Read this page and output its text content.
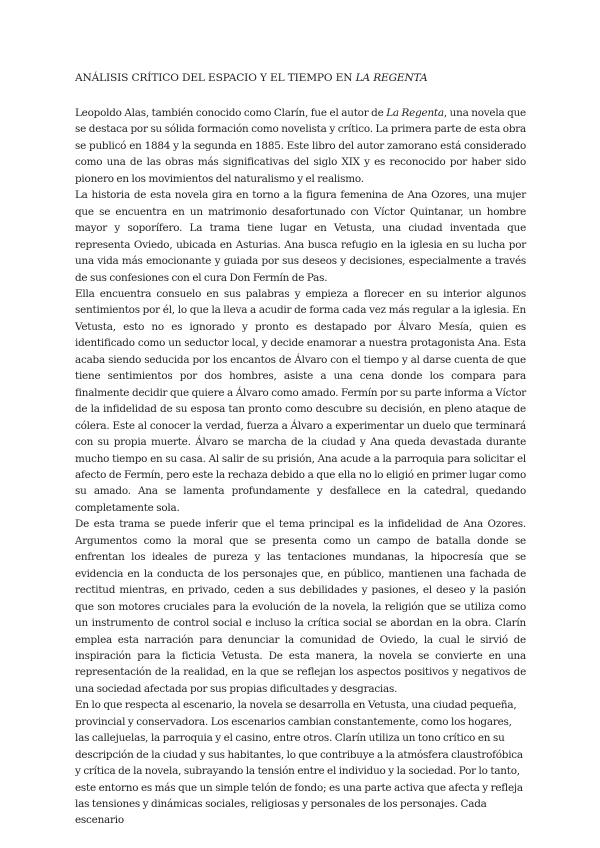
ANÁLISIS CRÍTICO DEL ESPACIO Y EL TIEMPO EN LA REGENTA

Leopoldo Alas, también conocido como Clarín, fue el autor de La Regenta, una novela que se destaca por su sólida formación como novelista y crítico. La primera parte de esta obra se publicó en 1884 y la segunda en 1885. Este libro del autor zamorano está considerado como una de las obras más significativas del siglo XIX y es reconocido por haber sido pionero en los movimientos del naturalismo y el realismo.

La historia de esta novela gira en torno a la figura femenina de Ana Ozores, una mujer que se encuentra en un matrimonio desafortunado con Víctor Quintanar, un hombre mayor y soporífero. La trama tiene lugar en Vetusta, una ciudad inventada que representa Oviedo, ubicada en Asturias. Ana busca refugio en la iglesia en su lucha por una vida más emocionante y guiada por sus deseos y decisiones, especialmente a través de sus confesiones con el cura Don Fermín de Pas.

Ella encuentra consuelo en sus palabras y empieza a florecer en su interior algunos sentimientos por él, lo que la lleva a acudir de forma cada vez más regular a la iglesia. En Vetusta, esto no es ignorado y pronto es destapado por Álvaro Mesía, quien es identificado como un seductor local, y decide enamorar a nuestra protagonista Ana. Esta acaba siendo seducida por los encantos de Álvaro con el tiempo y al darse cuenta de que tiene sentimientos por dos hombres, asiste a una cena donde los compara para finalmente decidir que quiere a Álvaro como amado. Fermín por su parte informa a Víctor de la infidelidad de su esposa tan pronto como descubre su decisión, en pleno ataque de cólera. Este al conocer la verdad, fuerza a Álvaro a experimentar un duelo que terminará con su propia muerte. Álvaro se marcha de la ciudad y Ana queda devastada durante mucho tiempo en su casa. Al salir de su prisión, Ana acude a la parroquia para solicitar el afecto de Fermín, pero este la rechaza debido a que ella no lo eligió en primer lugar como su amado. Ana se lamenta profundamente y desfallece en la catedral, quedando completamente sola.

De esta trama se puede inferir que el tema principal es la infidelidad de Ana Ozores. Argumentos como la moral que se presenta como un campo de batalla donde se enfrentan los ideales de pureza y las tentaciones mundanas, la hipocresía que se evidencia en la conducta de los personajes que, en público, mantienen una fachada de rectitud mientras, en privado, ceden a sus debilidades y pasiones, el deseo y la pasión que son motores cruciales para la evolución de la novela, la religión que se utiliza como un instrumento de control social e incluso la crítica social se abordan en la obra. Clarín emplea esta narración para denunciar la comunidad de Oviedo, la cual le sirvió de inspiración para la ficticia Vetusta. De esta manera, la novela se convierte en una representación de la realidad, en la que se reflejan los aspectos positivos y negativos de una sociedad afectada por sus propias dificultades y desgracias.

En lo que respecta al escenario, la novela se desarrolla en Vetusta, una ciudad pequeña, provincial y conservadora. Los escenarios cambian constantemente, como los hogares, las callejuelas, la parroquia y el casino, entre otros. Clarín utiliza un tono crítico en su descripción de la ciudad y sus habitantes, lo que contribuye a la atmósfera claustrofóbica y crítica de la novela, subrayando la tensión entre el individuo y la sociedad. Por lo tanto, este entorno es más que un simple telón de fondo; es una parte activa que afecta y refleja las tensiones y dinámicas sociales, religiosas y personales de los personajes. Cada escenario
